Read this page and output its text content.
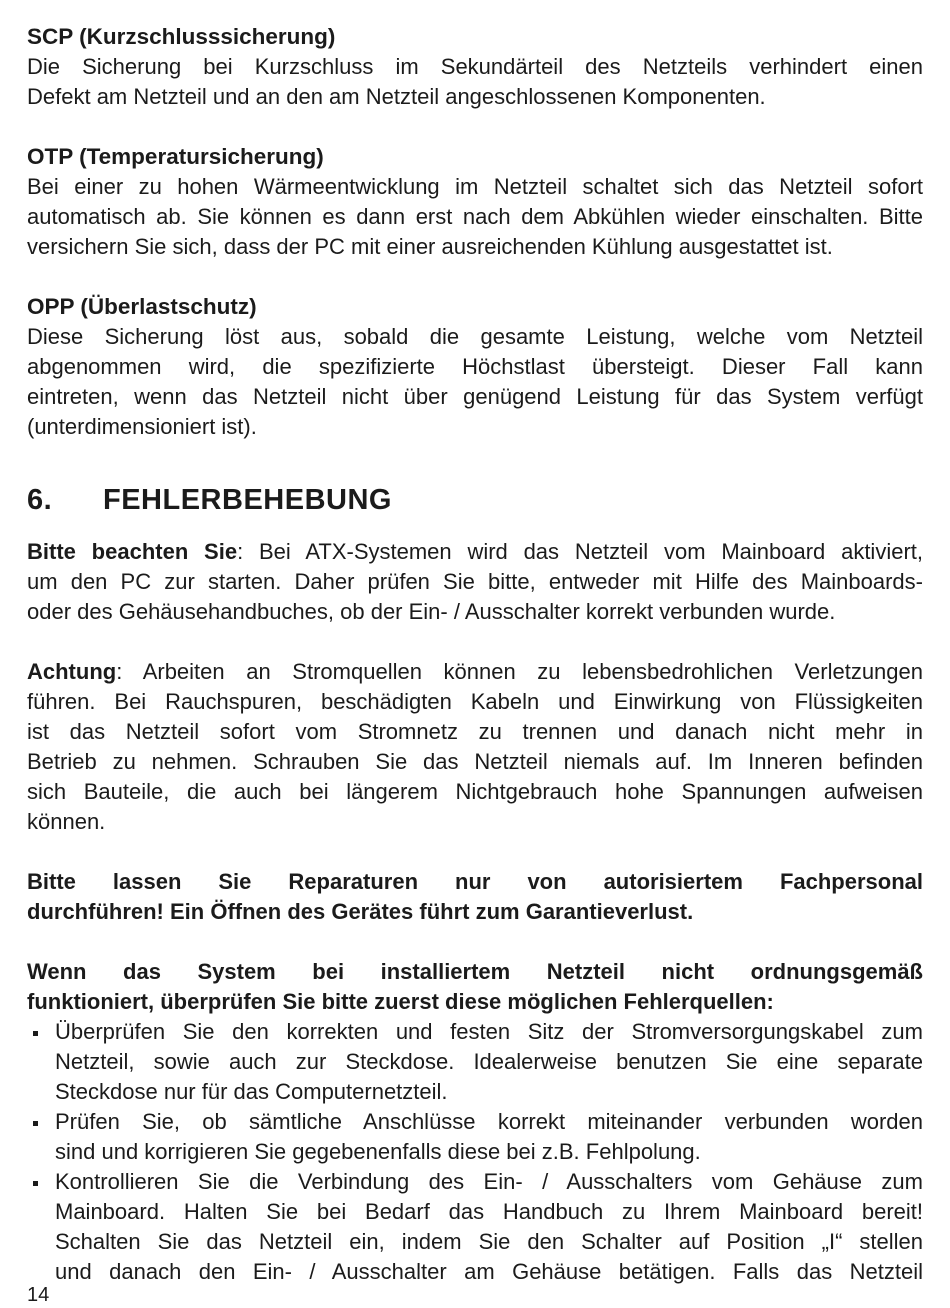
SCP (Kurzschlusssicherung)

Die Sicherung bei Kurzschluss im Sekundärteil des Netzteils verhindert einen

Defekt am Netzteil und an den am Netzteil angeschlossenen Komponenten.

OTP (Temperatursicherung)

Bei einer zu hohen Wärmeentwicklung im Netzteil schaltet sich das Netzteil sofort

automatisch ab. Sie können es dann erst nach dem Abkühlen wieder einschalten. Bitte

versichern Sie sich, dass der PC mit einer ausreichenden Kühlung ausgestattet ist.

OPP (Überlastschutz)

Diese Sicherung löst aus, sobald die gesamte Leistung, welche vom Netzteil

abgenommen wird, die spezifizierte Höchstlast übersteigt. Dieser Fall kann

eintreten, wenn das Netzteil nicht über genügend Leistung für das System verfügt

(unterdimensioniert ist).

6.	FEHLERBEHEBUNG

Bitte beachten Sie: Bei ATX-Systemen wird das Netzteil vom Mainboard aktiviert,

um den PC zur starten. Daher prüfen Sie bitte, entweder mit Hilfe des Mainboards-

oder des Gehäusehandbuches, ob der Ein- / Ausschalter korrekt verbunden wurde.

Achtung: Arbeiten an Stromquellen können zu lebensbedrohlichen Verletzungen

führen. Bei Rauchspuren, beschädigten Kabeln und Einwirkung von Flüssigkeiten

ist das Netzteil sofort vom Stromnetz zu trennen und danach nicht mehr in

Betrieb zu nehmen. Schrauben Sie das Netzteil niemals auf. Im Inneren befinden

sich Bauteile, die auch bei längerem Nichtgebrauch hohe Spannungen aufweisen

können.

Bitte lassen Sie Reparaturen nur von autorisiertem Fachpersonal

durchführen! Ein Öffnen des Gerätes führt zum Garantieverlust.

Wenn das System bei installiertem Netzteil nicht ordnungsgemäß

funktioniert, überprüfen Sie bitte zuerst diese möglichen Fehlerquellen:

Überprüfen Sie den korrekten und festen Sitz der Stromversorgungskabel zum

Netzteil, sowie auch zur Steckdose. Idealerweise benutzen Sie eine separate

Steckdose nur für das Computernetzteil.

Prüfen Sie, ob sämtliche Anschlüsse korrekt miteinander verbunden worden

sind und korrigieren Sie gegebenenfalls diese bei z.B. Fehlpolung.

Kontrollieren Sie die Verbindung des Ein- / Ausschalters vom Gehäuse zum

Mainboard. Halten Sie bei Bedarf das Handbuch zu Ihrem Mainboard bereit!

Schalten Sie das Netzteil ein, indem Sie den Schalter auf Position „I“ stellen

und danach den Ein- / Ausschalter am Gehäuse betätigen. Falls das Netzteil

14
